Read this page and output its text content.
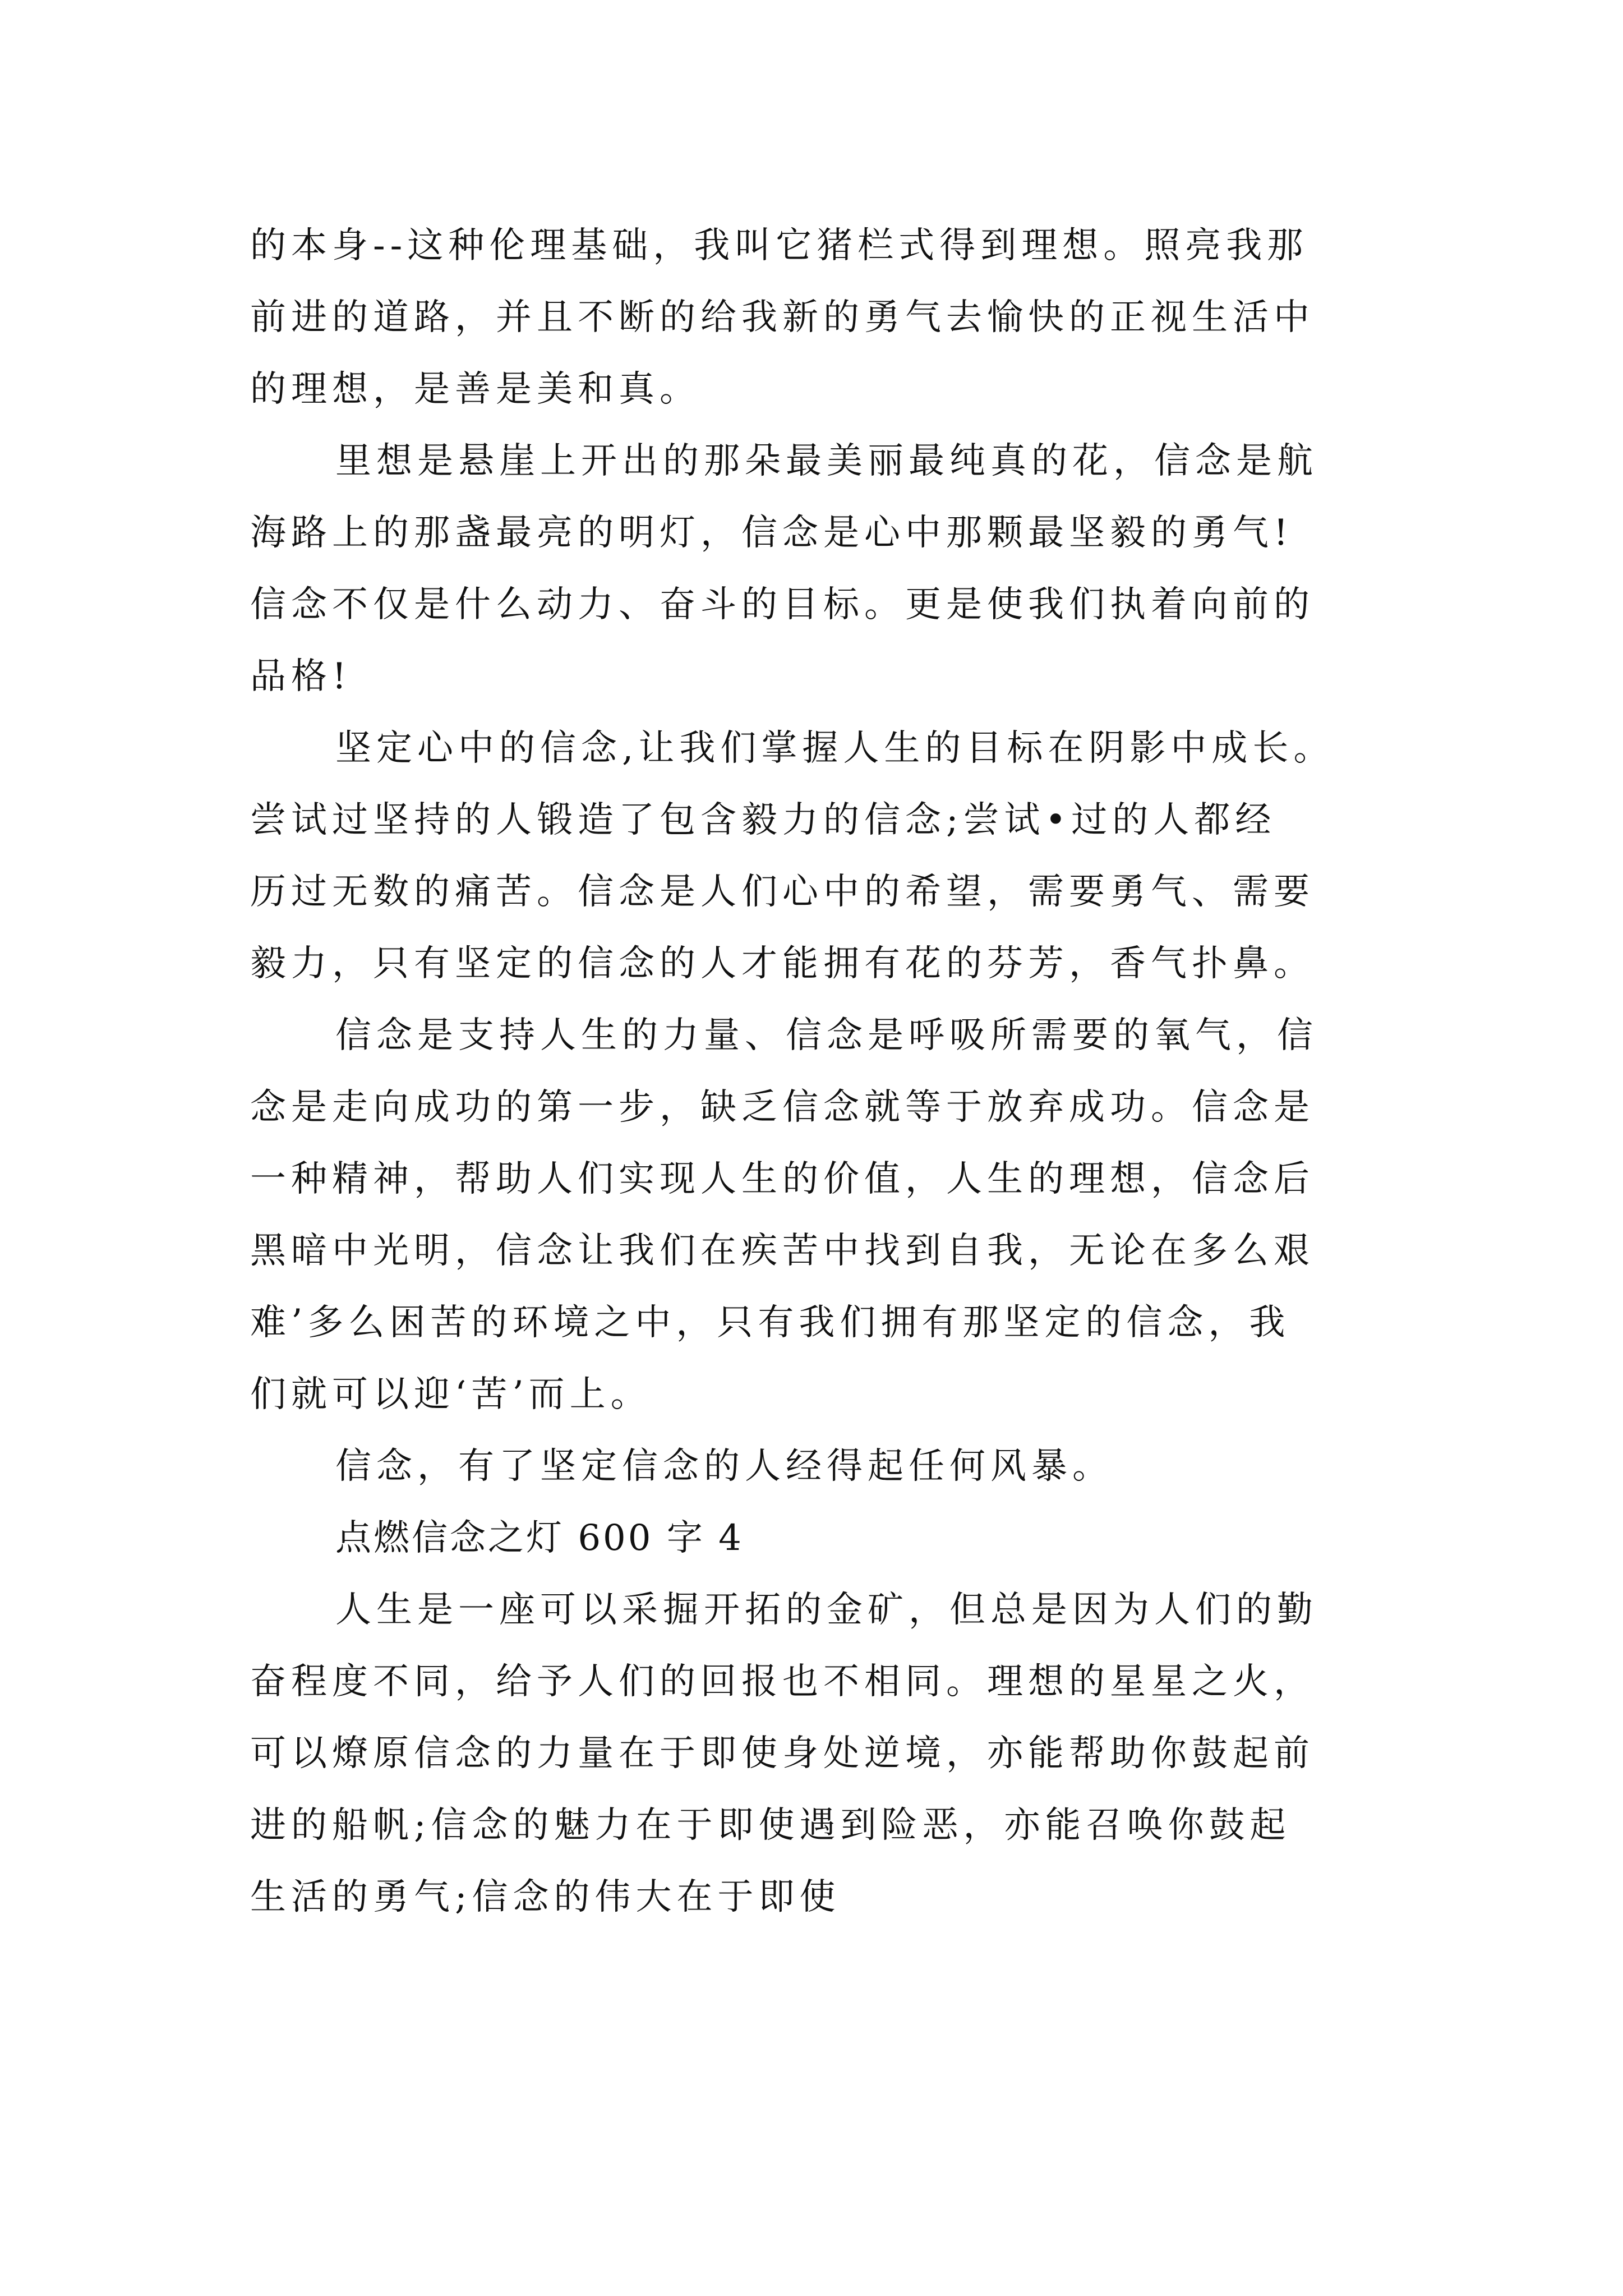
的本身--这种伦理基础，我叫它猪栏式得到理想。照亮我那
前进的道路，并且不断的给我新的勇气去愉快的正视生活中
的理想，是善是美和真。
里想是悬崖上开出的那朵最美丽最纯真的花，信念是航
海路上的那盏最亮的明灯，信念是心中那颗最坚毅的勇气!
信念不仅是什么动力、奋斗的目标。更是使我们执着向前的
品格!
坚定心中的信念,让我们掌握人生的目标在阴影中成长。
尝试过坚持的人锻造了包含毅力的信念;尝试•过的人都经
历过无数的痛苦。信念是人们心中的希望，需要勇气、需要
毅力，只有坚定的信念的人才能拥有花的芬芳，香气扑鼻。
信念是支持人生的力量、信念是呼吸所需要的氧气，信
念是走向成功的第一步，缺乏信念就等于放弃成功。信念是
一种精神，帮助人们实现人生的价值，人生的理想，信念后
黑暗中光明，信念让我们在疾苦中找到自我，无论在多么艰
难’多么困苦的环境之中，只有我们拥有那坚定的信念，我
们就可以迎‘苦’而上。
信念，有了坚定信念的人经得起任何风暴。
点燃信念之灯 600 字 4
人生是一座可以采掘开拓的金矿，但总是因为人们的勤
奋程度不同，给予人们的回报也不相同。理想的星星之火，
可以燎原信念的力量在于即使身处逆境，亦能帮助你鼓起前
进的船帆;信念的魅力在于即使遇到险恶，亦能召唤你鼓起
生活的勇气;信念的伟大在于即使
